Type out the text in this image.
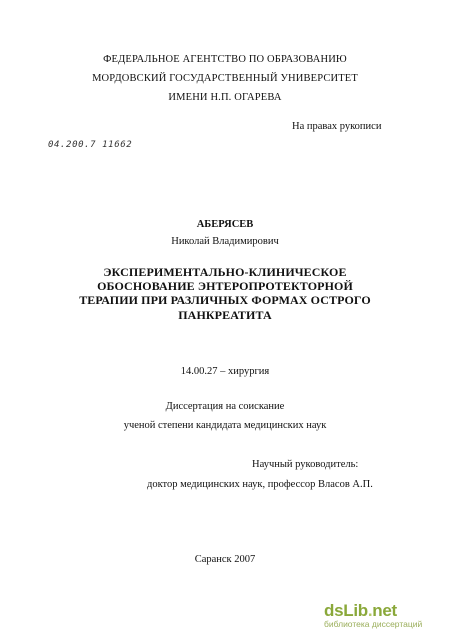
ФЕДЕРАЛЬНОЕ АГЕНТСТВО ПО ОБРАЗОВАНИЮ
МОРДОВСКИЙ ГОСУДАРСТВЕННЫЙ УНИВЕРСИТЕТ
ИМЕНИ Н.П. ОГАРЕВА
На правах рукописи
04.200.7 11662
АБЕРЯСЕВ
Николай Владимирович
ЭКСПЕРИМЕНТАЛЬНО-КЛИНИЧЕСКОЕ
ОБОСНОВАНИЕ ЭНТЕРОПРОТЕКТОРНОЙ
ТЕРАПИИ ПРИ РАЗЛИЧНЫХ ФОРМАХ ОСТРОГО
ПАНКРЕАТИТА
14.00.27 – хирургия
Диссертация на соискание
ученой степени кандидата медицинских наук
Научный руководитель:
доктор медицинских наук, профессор Власов А.П.
Саранск 2007
dsLib.net
библиотека диссертаций
